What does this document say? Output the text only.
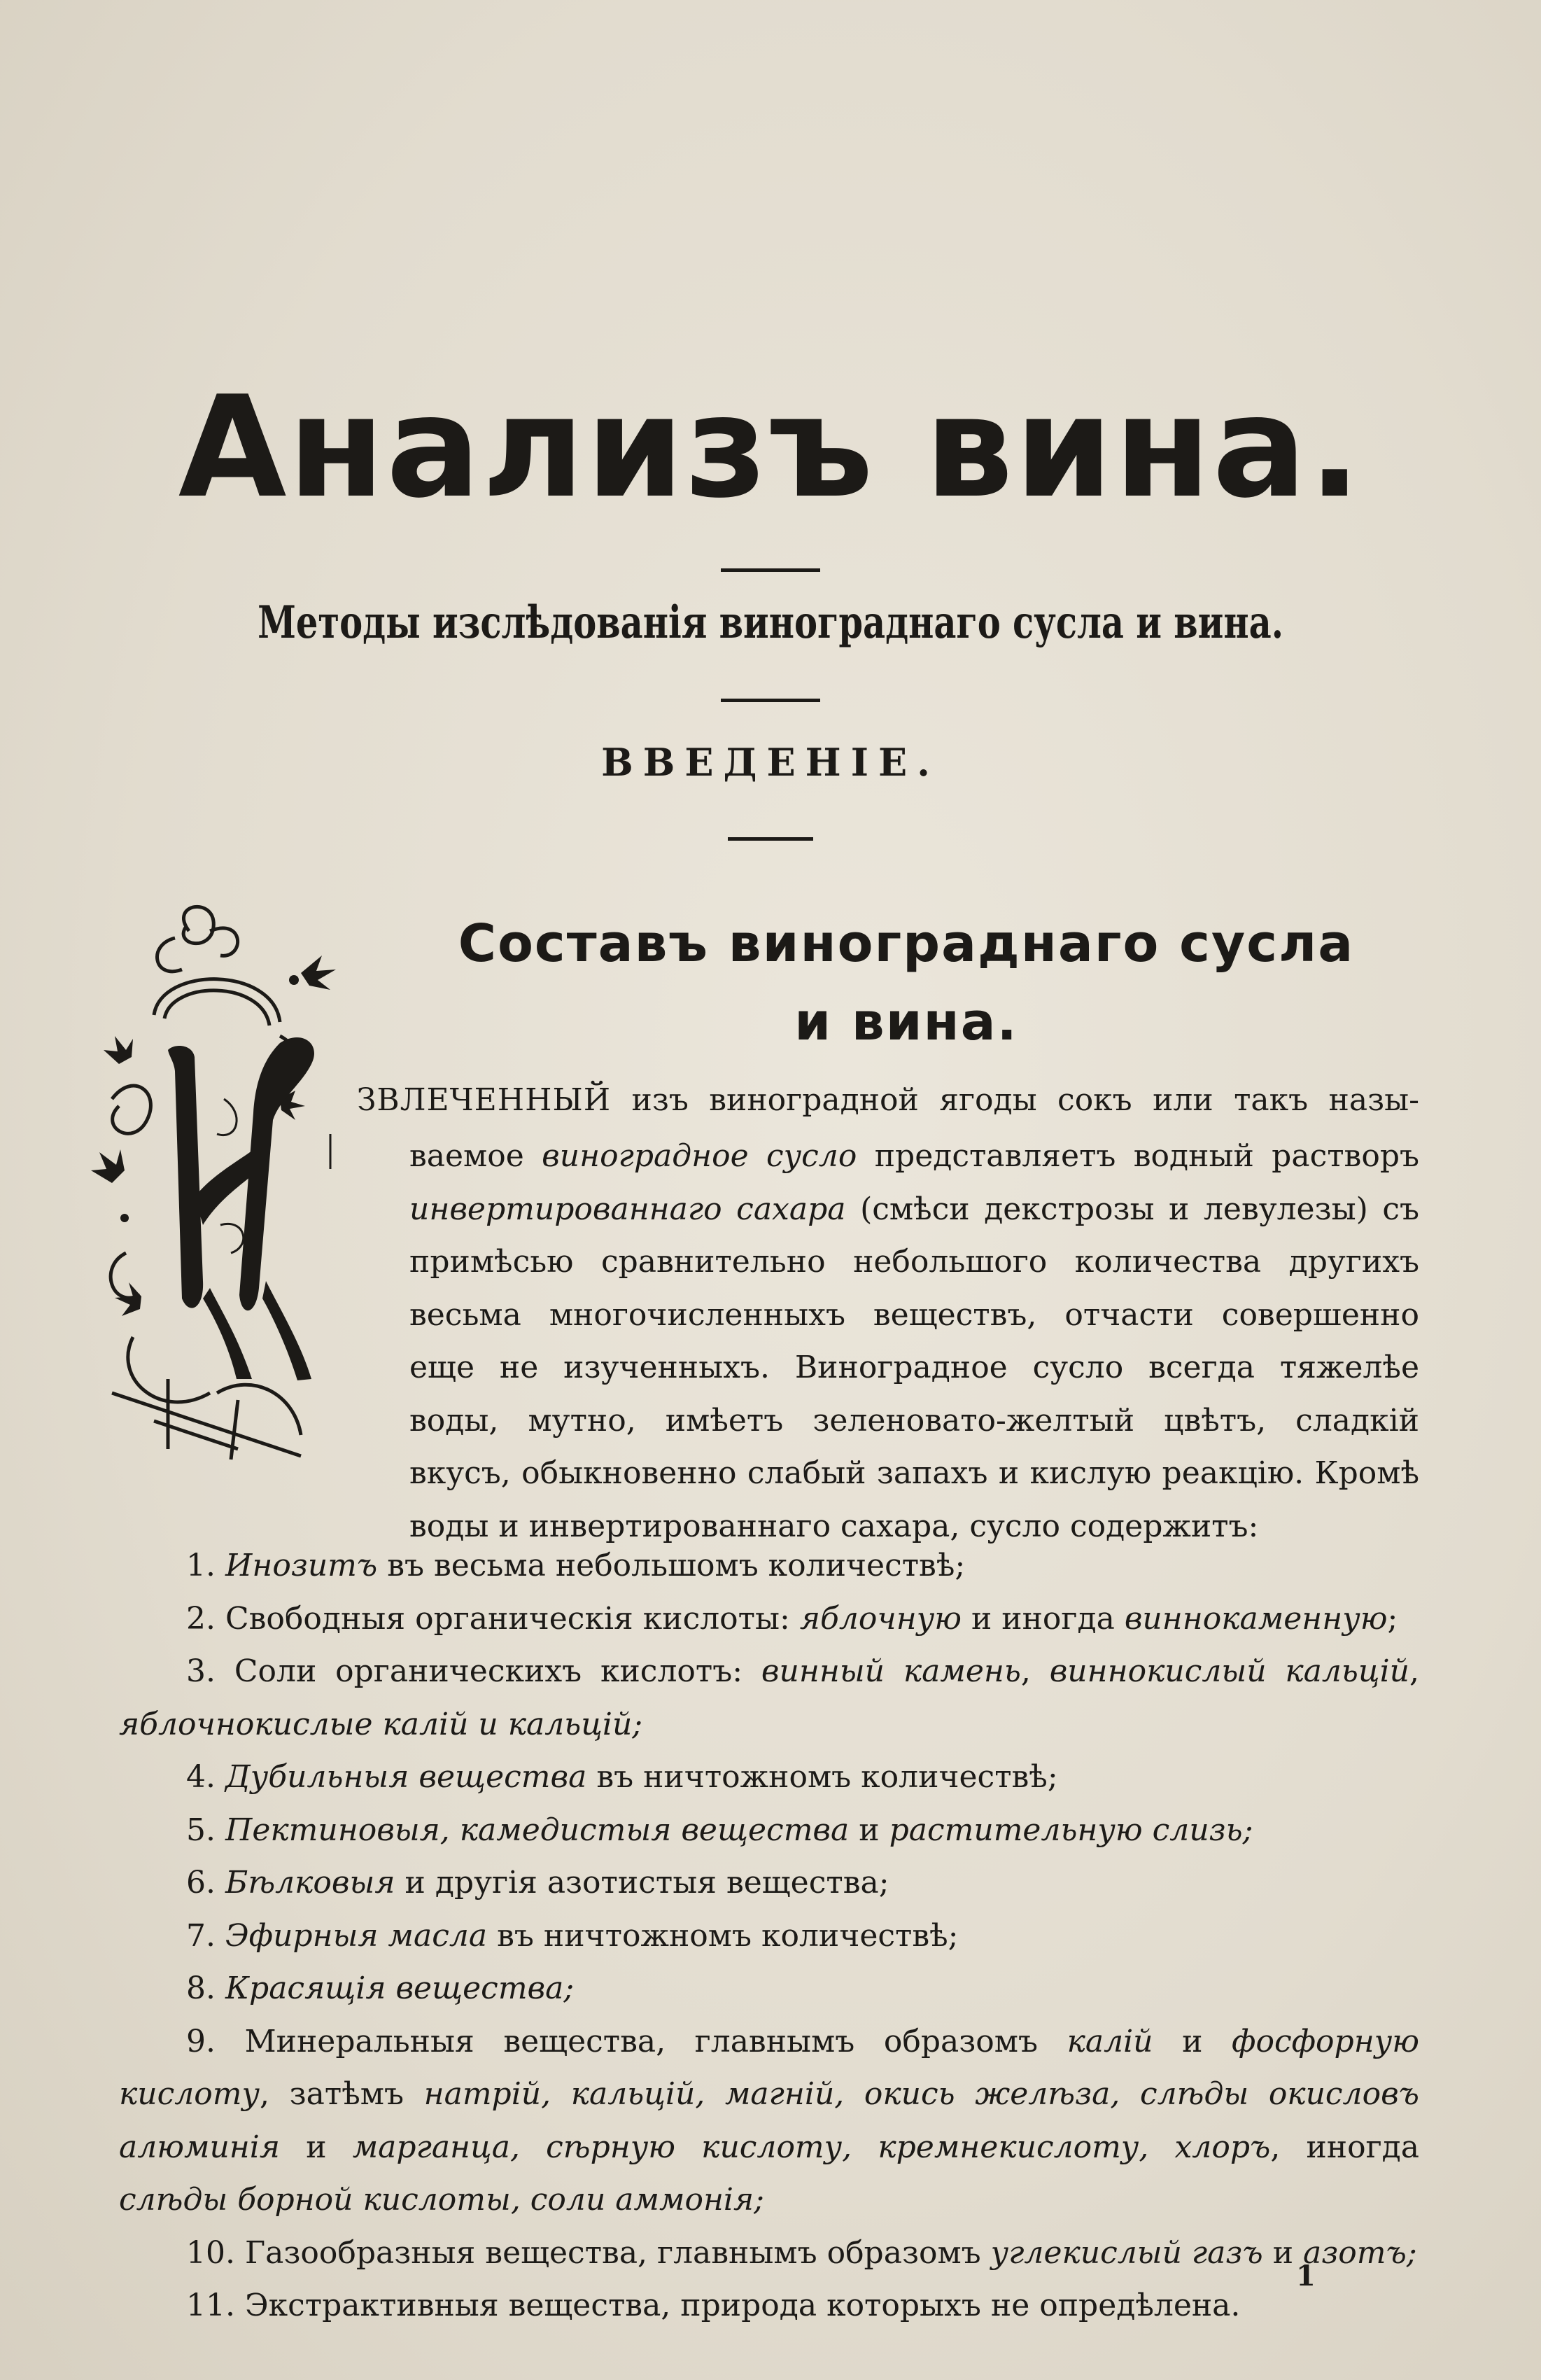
Анализъ вина.
Методы изслѣдованія винограднаго сусла и вина.
ВВЕДЕНІЕ.
Составъ винограднаго сусла
и вина.
ЗВЛЕЧЕННЫЙ изъ виноградной ягоды сокъ или такъ назы-
ваемое виноградное сусло представляетъ водный растворъ инвертированнаго сахара (смѣси декстрозы и левулезы) съ примѣсью сравнительно небольшого количества другихъ весьма многочисленныхъ веществъ, отчасти совершенно еще не изученныхъ. Виноградное сусло всегда тяжелѣе воды, мутно, имѣетъ зеленовато-желтый цвѣтъ, сладкій вкусъ, обыкновенно слабый запахъ и кислую реакцію. Кромѣ воды и инвертированнаго сахара, сусло содержитъ:
1. Инозитъ въ весьма небольшомъ количествѣ;
2. Свободныя органическія кислоты: яблочную и иногда виннокаменную;
3. Соли органическихъ кислотъ: винный камень, виннокислый кальцій, яблочнокислые калій и кальцій;
4. Дубильныя вещества въ ничтожномъ количествѣ;
5. Пектиновыя, камедистыя вещества и растительную слизь;
6. Бѣлковыя и другія азотистыя вещества;
7. Эфирныя масла въ ничтожномъ количествѣ;
8. Красящія вещества;
9. Минеральныя вещества, главнымъ образомъ калій и фосфорную кислоту, затѣмъ натрій, кальцій, магній, окись желѣза, слѣды окисловъ алюминія и марганца, сѣрную кислоту, кремнекислоту, хлоръ, иногда слѣды борной кислоты, соли аммонія;
10. Газообразныя вещества, главнымъ образомъ углекислый газъ и азотъ;
11. Экстрактивныя вещества, природа которыхъ не опредѣлена.
1
